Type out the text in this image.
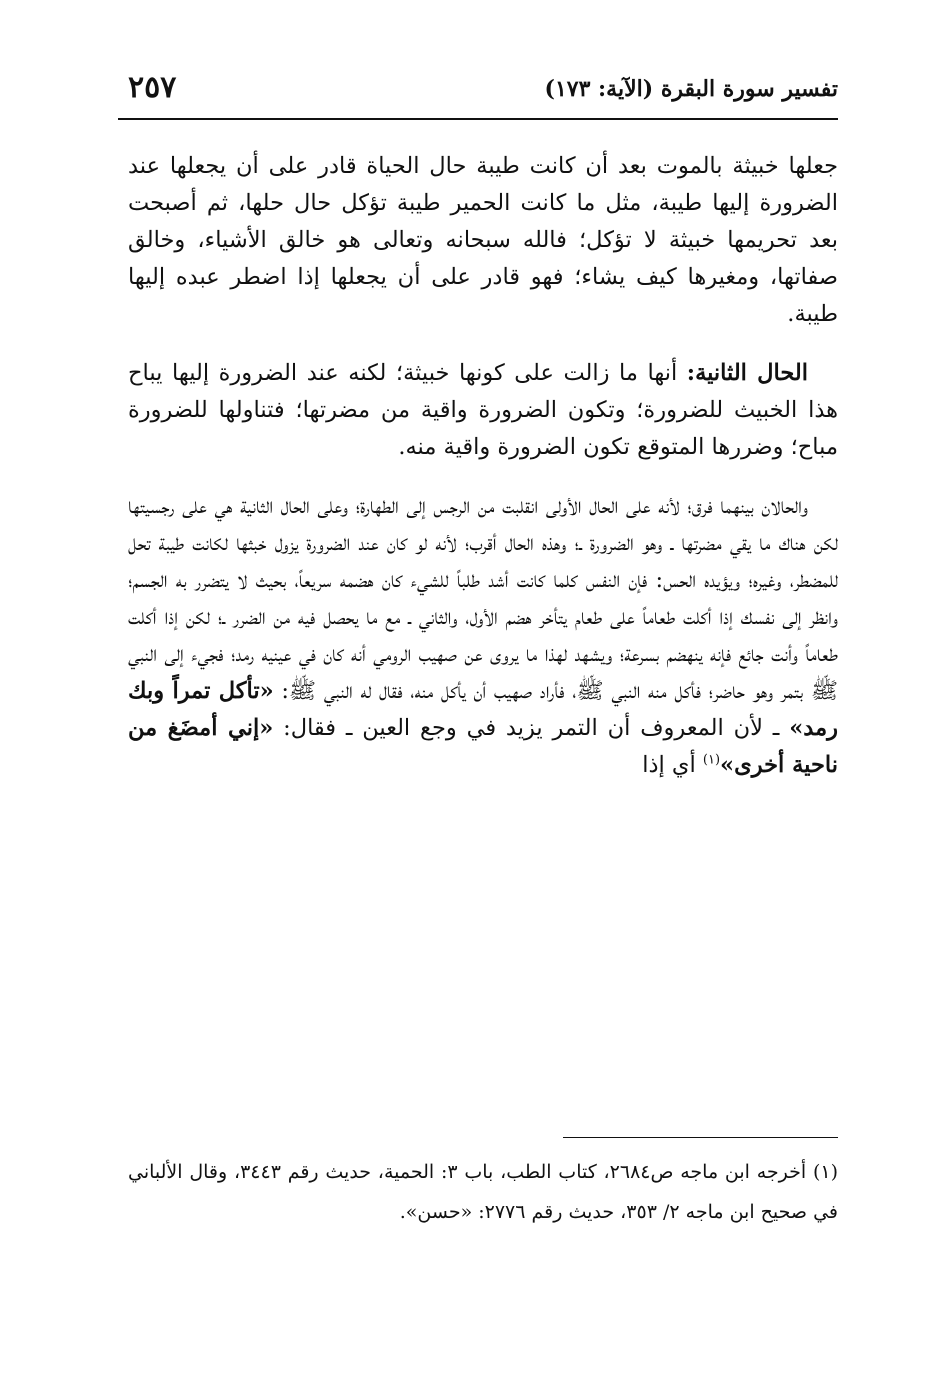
تفسير سورة البقرة (الآية: ١٧٣)
٢٥٧

جعلها خبيثة بالموت بعد أن كانت طيبة حال الحياة قادر على أن يجعلها عند الضرورة إليها طيبة، مثل ما كانت الحمير طيبة تؤكل حال حلها، ثم أصبحت بعد تحريمها خبيثة لا تؤكل؛ فالله سبحانه وتعالى هو خالق الأشياء، وخالق صفاتها، ومغيرها كيف يشاء؛ فهو قادر على أن يجعلها إذا اضطر عبده إليها طيبة.

الحال الثانية: أنها ما زالت على كونها خبيثة؛ لكنه عند الضرورة إليها يباح هذا الخبيث للضرورة؛ وتكون الضرورة واقية من مضرتها؛ فتناولها للضرورة مباح؛ وضررها المتوقع تكون الضرورة واقية منه.

والحالان بينهما فرق؛ لأنه على الحال الأولى انقلبت من الرجس إلى الطهارة؛ وعلى الحال الثانية هي على رجسيتها لكن هناك ما يقي مضرتها ـ وهو الضرورة ـ؛ وهذه الحال أقرب؛ لأنه لو كان عند الضرورة يزول خبثها لكانت طيبة تحل للمضطر، وغيره؛ ويؤيده الحس: فإن النفس كلما كانت أشد طلباً للشيء كان هضمه سريعاً، بحيث لا يتضرر به الجسم؛ وانظر إلى نفسك إذا أكلت طعاماً على طعام يتأخر هضم الأول، والثاني ـ مع ما يحصل فيه من الضرر ـ؛ لكن إذا أكلت طعاماً وأنت جائع فإنه ينهضم بسرعة؛ ويشهد لهذا ما يروى عن صهيب الرومي أنه كان في عينيه رمد؛ فجيء إلى النبي ﷺ بتمر وهو حاضر؛ فأكل منه النبي ﷺ، فأراد صهيب أن يأكل منه، فقال له النبي ﷺ: «تأكل تمراً وبك رمد» ـ لأن المعروف أن التمر يزيد في وجع العين ـ فقال: «إني أمضَغ من ناحية أخرى»$^{(١)}$ أي إذا

(١) أخرجه ابن ماجه ص٢٦٨٤، كتاب الطب، باب ٣: الحمية، حديث رقم ٣٤٤٣، وقال الألباني في صحيح ابن ماجه ٢/ ٣٥٣، حديث رقم ٢٧٧٦: «حسن».
